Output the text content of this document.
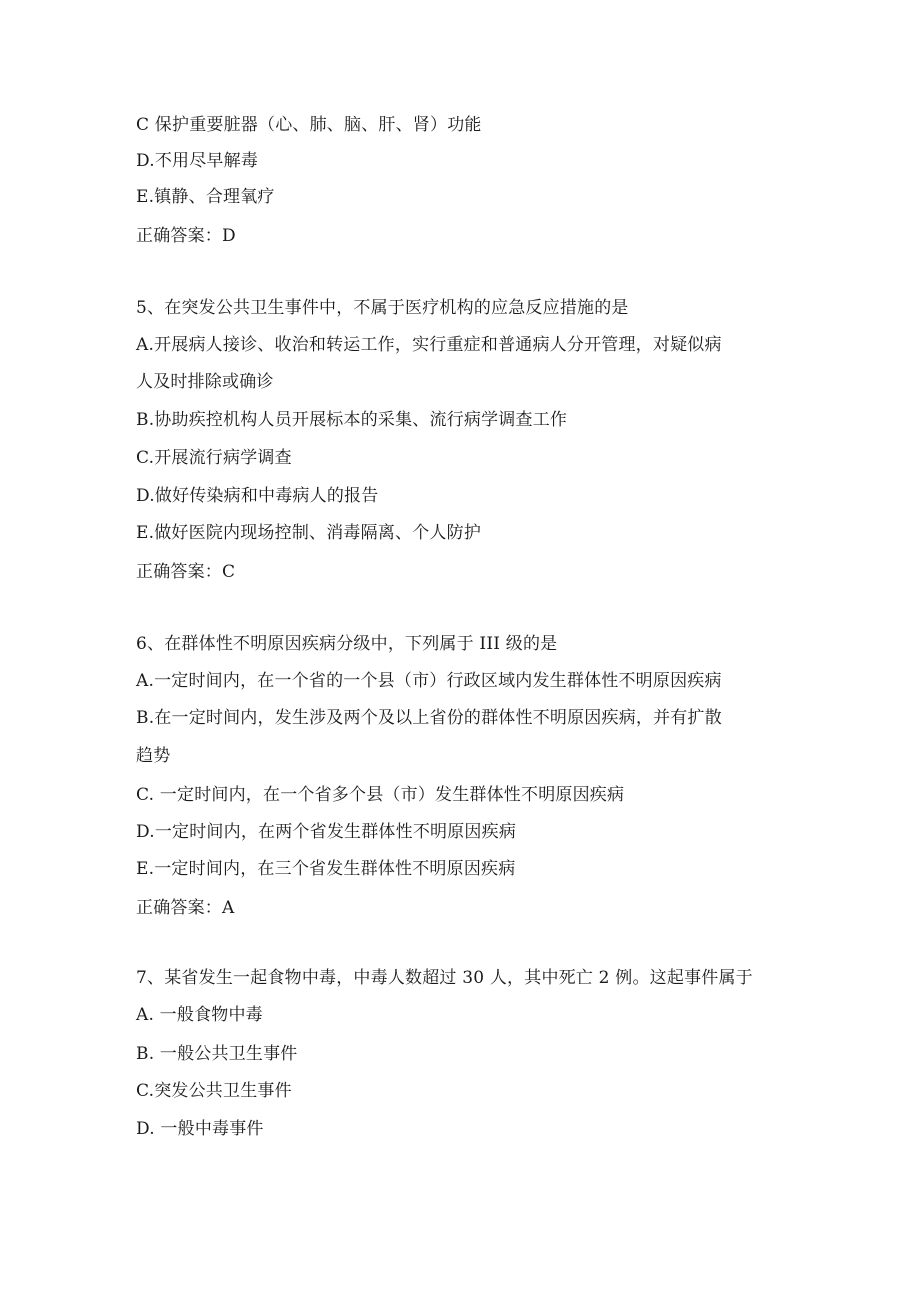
C 保护重要脏器（心、肺、脑、肝、肾）功能
D.不用尽早解毒
E.镇静、合理氧疗
正确答案：D
5、在突发公共卫生事件中，不属于医疗机构的应急反应措施的是
A.开展病人接诊、收治和转运工作，实行重症和普通病人分开管理，对疑似病
人及时排除或确诊
B.协助疾控机构人员开展标本的采集、流行病学调查工作
C.开展流行病学调查
D.做好传染病和中毒病人的报告
E.做好医院内现场控制、消毒隔离、个人防护
正确答案：C
6、在群体性不明原因疾病分级中，下列属于 III 级的是
A.一定时间内，在一个省的一个县（市）行政区域内发生群体性不明原因疾病
B.在一定时间内，发生涉及两个及以上省份的群体性不明原因疾病，并有扩散
趋势
C. 一定时间内，在一个省多个县（市）发生群体性不明原因疾病
D.一定时间内，在两个省发生群体性不明原因疾病
E.一定时间内，在三个省发生群体性不明原因疾病
正确答案：A
7、某省发生一起食物中毒，中毒人数超过 30 人，其中死亡 2 例。这起事件属于
A. 一般食物中毒
B. 一般公共卫生事件
C.突发公共卫生事件
D. 一般中毒事件
